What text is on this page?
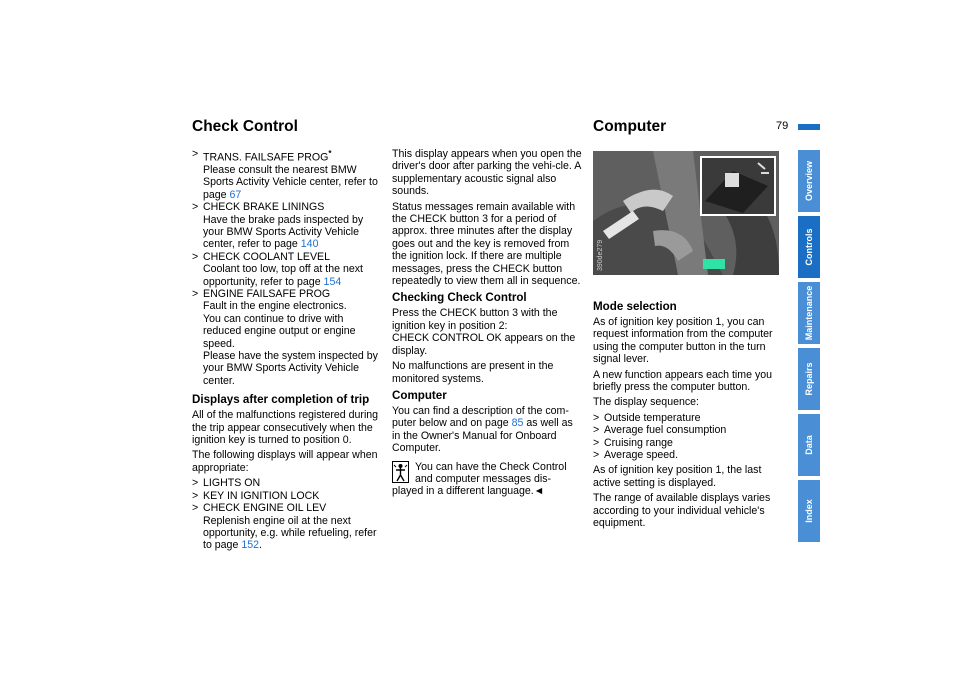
Check Control	Computer	79
> TRANS. FAILSAFE PROG*
Please consult the nearest BMW Sports Activity Vehicle center, refer to page 67
> CHECK BRAKE LININGS
Have the brake pads inspected by your BMW Sports Activity Vehicle center, refer to page 140
> CHECK COOLANT LEVEL
Coolant too low, top off at the next opportunity, refer to page 154
> ENGINE FAILSAFE PROG
Fault in the engine electronics.
You can continue to drive with reduced engine output or engine speed.
Please have the system inspected by your BMW Sports Activity Vehicle center.
Displays after completion of trip

All of the malfunctions registered during the trip appear consecutively when the ignition key is turned to position 0.

The following displays will appear when appropriate:

> LIGHTS ON
> KEY IN IGNITION LOCK
> CHECK ENGINE OIL LEV
Replenish engine oil at the next opportunity, e.g. while refueling, refer to page 152.

This display appears when you open the driver's door after parking the vehi-cle. A supplementary acoustic signal also sounds.

Status messages remain available with the CHECK button 3 for a period of approx. three minutes after the display goes out and the key is removed from the ignition lock. If there are multiple messages, press the CHECK button repeatedly to view them all in sequence.

Checking Check Control

Press the CHECK button 3 with the ignition key in position 2:
CHECK CONTROL OK appears on the display.

No malfunctions are present in the monitored systems.

Computer

You can find a description of the com-puter below and on page 85 as well as in the Owner's Manual for Onboard Computer.

You can have the Check Control and computer messages dis-played in a different language.◄
390de279
Mode selection

As of ignition key position 1, you can request information from the computer using the computer button in the turn signal lever.

A new function appears each time you briefly press the computer button.

The display sequence:

> Outside temperature
> Average fuel consumption
> Cruising range
> Average speed.

As of ignition key position 1, the last active setting is displayed.

The range of available displays varies according to your individual vehicle's equipment.

Overview
Controls
Maintenance
Repairs
Data
Index
